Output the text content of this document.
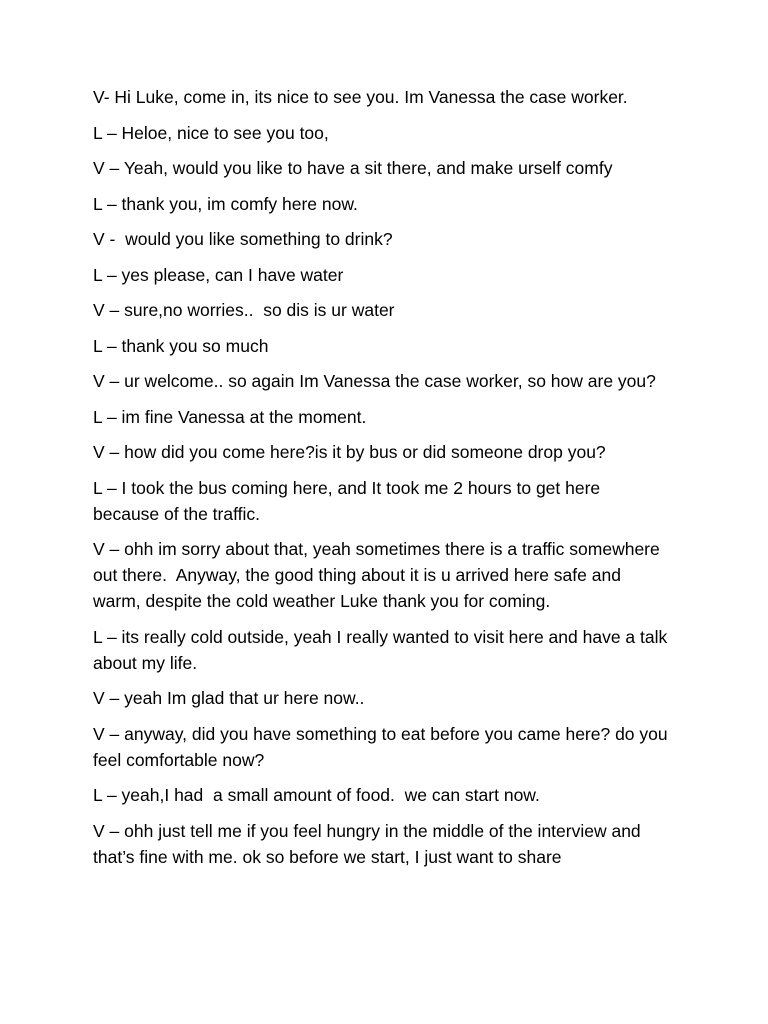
V- Hi Luke, come in, its nice to see you. Im Vanessa the case worker.

L – Heloe, nice to see you too,

V – Yeah, would you like to have a sit there, and make urself comfy

L – thank you, im comfy here now.

V -  would you like something to drink?

L – yes please, can I have water

V – sure,no worries..  so dis is ur water

L – thank you so much

V – ur welcome.. so again Im Vanessa the case worker, so how are you?

L – im fine Vanessa at the moment.

V – how did you come here?is it by bus or did someone drop you?

L – I took the bus coming here, and It took me 2 hours to get here because of the traffic.

V – ohh im sorry about that, yeah sometimes there is a traffic somewhere out there.  Anyway, the good thing about it is u arrived here safe and warm, despite the cold weather Luke thank you for coming.

L – its really cold outside, yeah I really wanted to visit here and have a talk about my life.

V – yeah Im glad that ur here now..

V – anyway, did you have something to eat before you came here? do you feel comfortable now?

L – yeah,I had  a small amount of food.  we can start now.

V – ohh just tell me if you feel hungry in the middle of the interview and that’s fine with me. ok so before we start, I just want to share
